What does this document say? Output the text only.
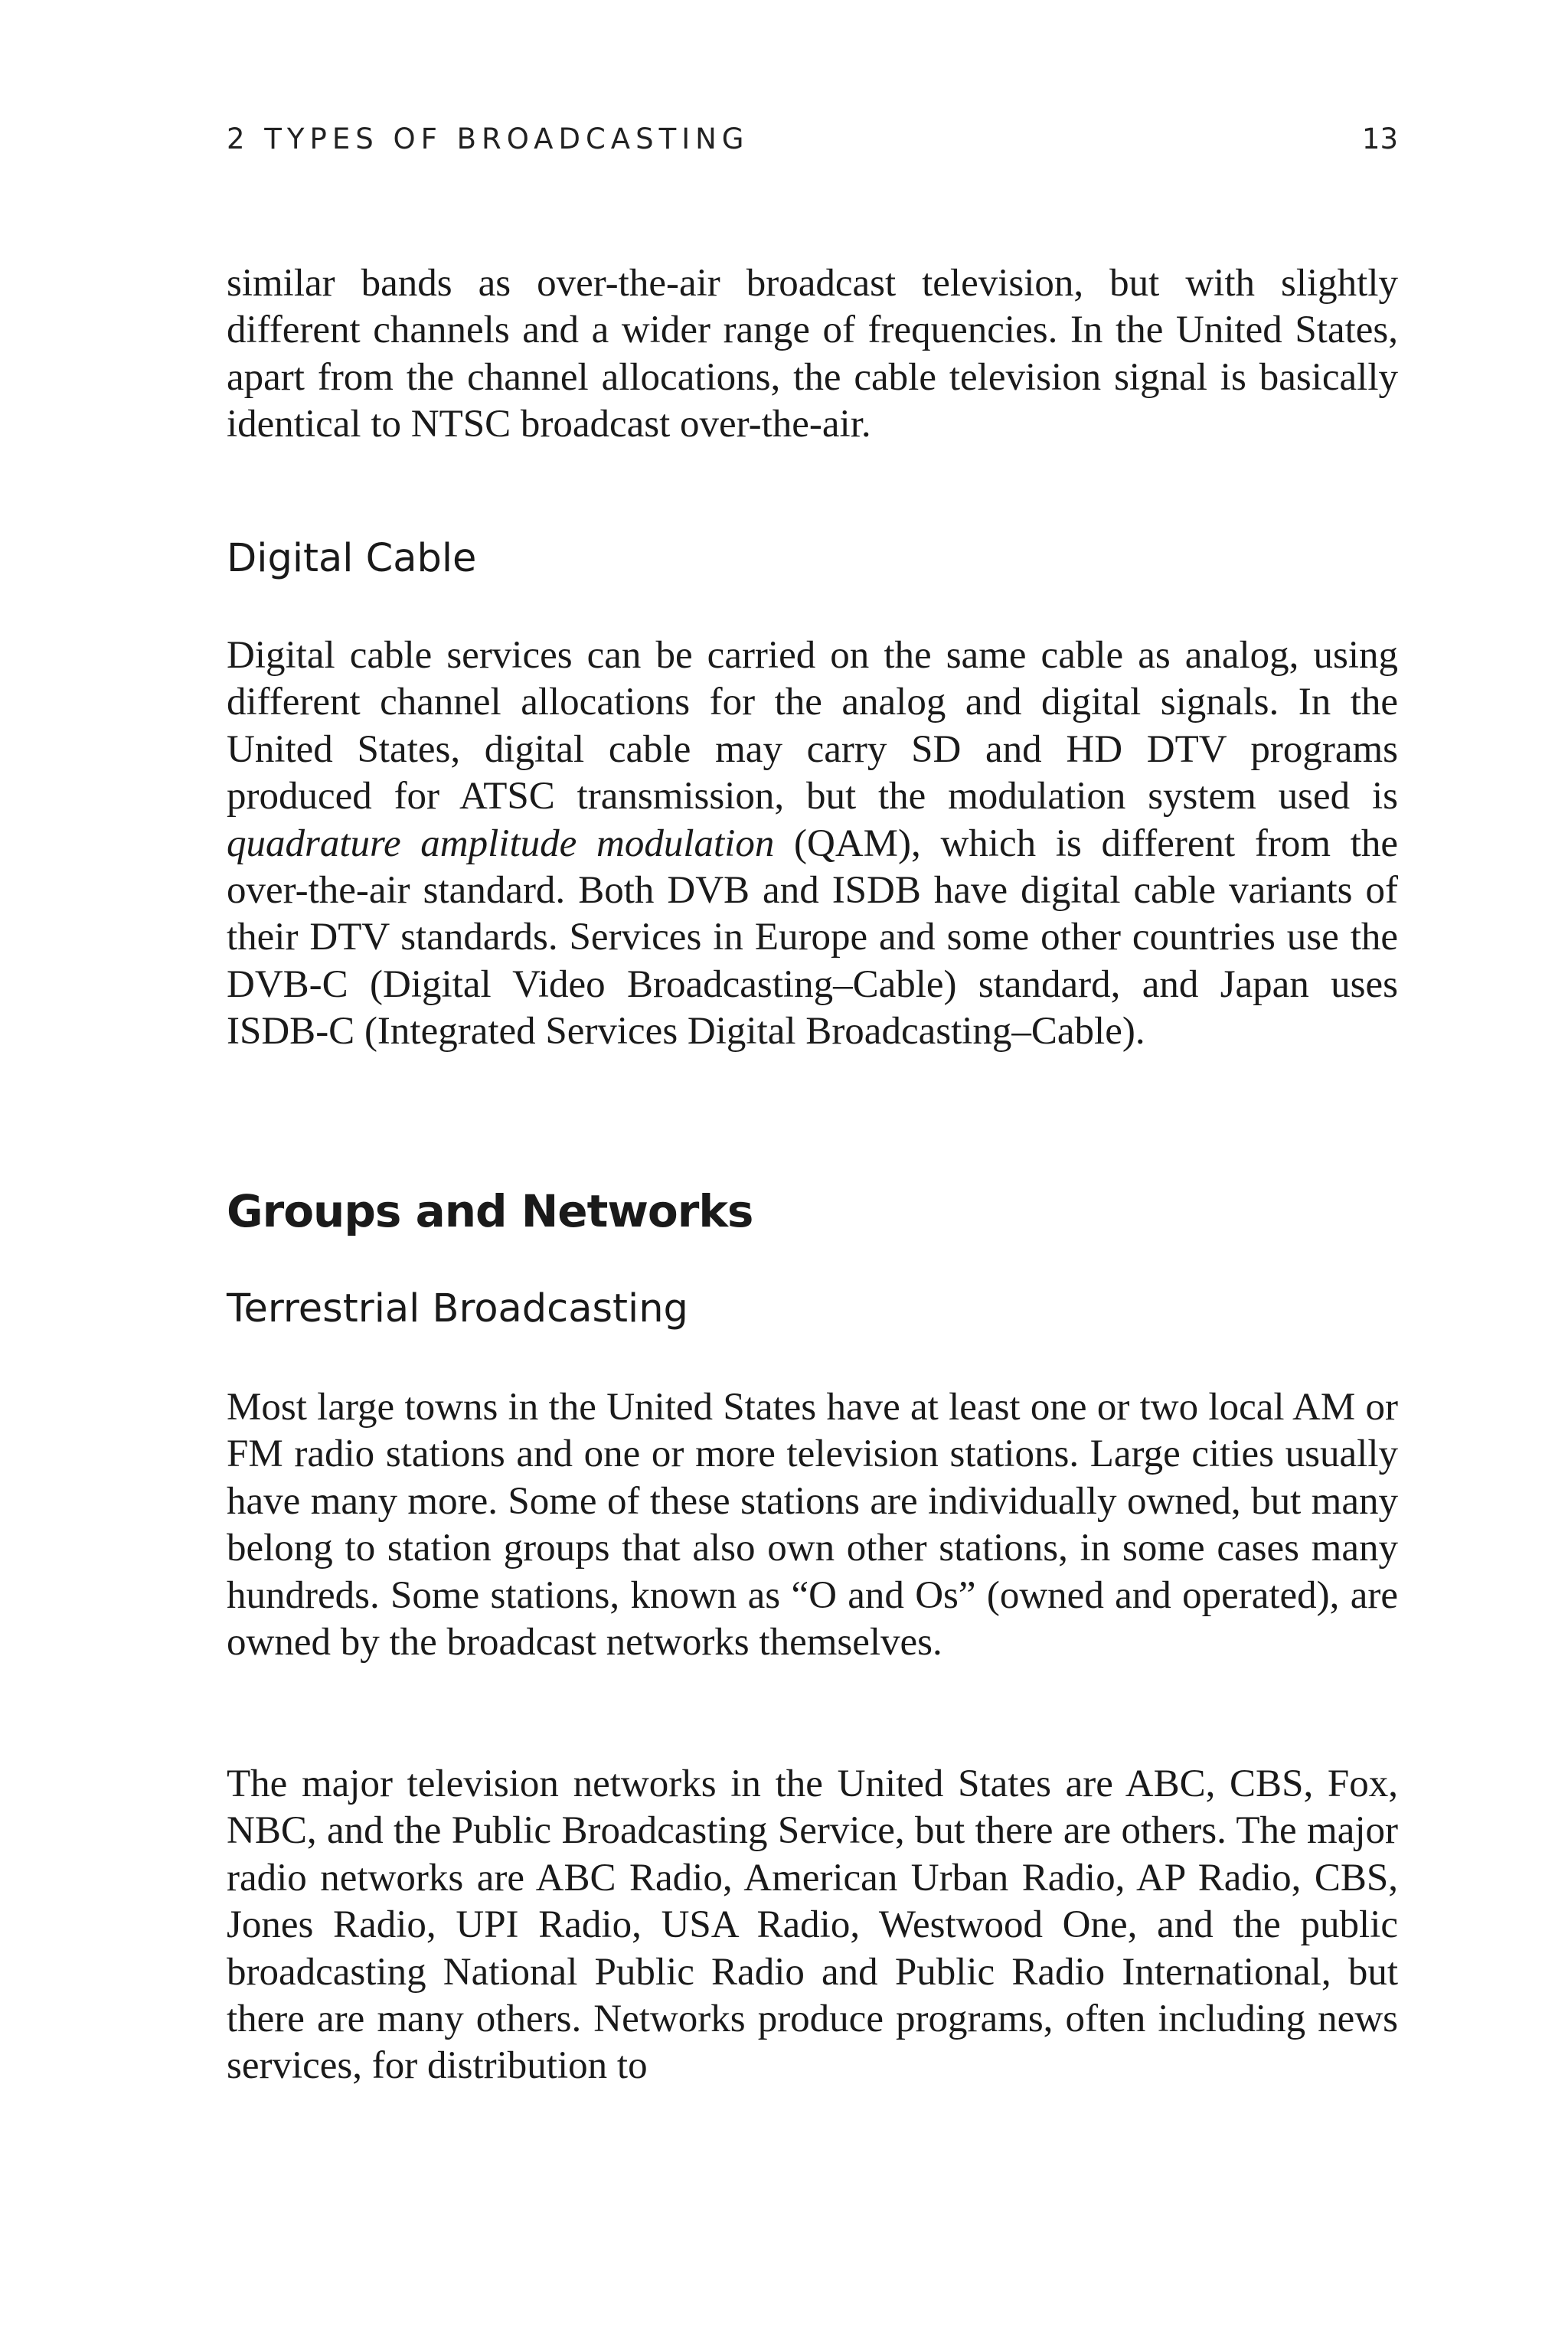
2 TYPES OF BROADCASTING	13

similar bands as over-the-air broadcast television, but with slightly different channels and a wider range of frequencies. In the United States, apart from the channel allocations, the cable television signal is basically identical to NTSC broadcast over-the-air.

Digital Cable

Digital cable services can be carried on the same cable as analog, using different channel allocations for the analog and digital signals. In the United States, digital cable may carry SD and HD DTV programs produced for ATSC transmission, but the modulation system used is quadrature amplitude modulation (QAM), which is different from the over-the-air standard. Both DVB and ISDB have digital cable variants of their DTV standards. Services in Europe and some other countries use the DVB-C (Digital Video Broadcasting–Cable) standard, and Japan uses ISDB-C (Integrated Services Digital Broadcasting–Cable).

Groups and Networks
Terrestrial Broadcasting

Most large towns in the United States have at least one or two local AM or FM radio stations and one or more television stations. Large cities usually have many more. Some of these stations are individually owned, but many belong to station groups that also own other stations, in some cases many hundreds. Some stations, known as “O and Os” (owned and operated), are owned by the broadcast networks themselves.

The major television networks in the United States are ABC, CBS, Fox, NBC, and the Public Broadcasting Service, but there are others. The major radio networks are ABC Radio, American Urban Radio, AP Radio, CBS, Jones Radio, UPI Radio, USA Radio, Westwood One, and the public broadcasting National Public Radio and Public Radio International, but there are many others. Networks produce programs, often including news services, for distribution to
